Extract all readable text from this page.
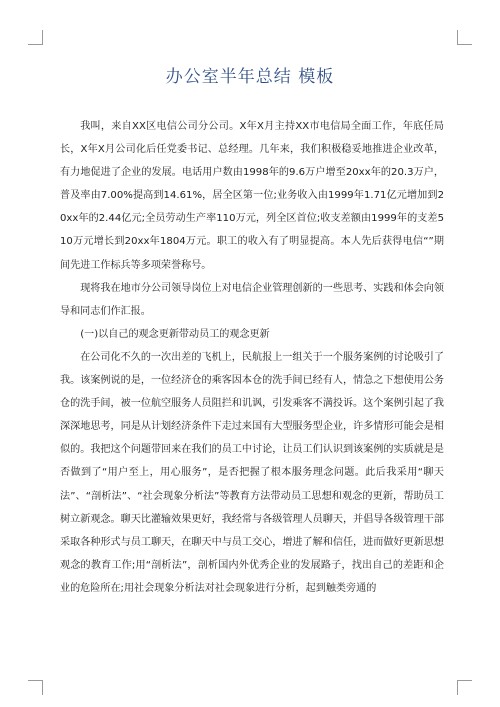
办公室半年总结 模板

我叫，来自XX区电信公司分公司。X年X月主持XX市电信局全面工作，年底任局长，X年X月公司化后任党委书记、总经理。几年来，我们积极稳妥地推进企业改革，有力地促进了企业的发展。电话用户数由1998年的9.6万户增至20xx年的20.3万户，普及率由7.00%提高到14.61%，居全区第一位;业务收入由1999年1.71亿元增加到20xx年的2.44亿元;全员劳动生产率110万元，列全区首位;收支差额由1999年的支差510万元增长到20xx年1804万元。职工的收入有了明显提高。本人先后获得电信“”期间先进工作标兵等多项荣誉称号。

现将我在地市分公司领导岗位上对电信企业管理创新的一些思考、实践和体会向领导和同志们作汇报。

(一)以自己的观念更新带动员工的观念更新

在公司化不久的一次出差的飞机上，民航报上一组关于一个服务案例的讨论吸引了我。该案例说的是，一位经济仓的乘客因本仓的洗手间已经有人，情急之下想使用公务仓的洗手间，被一位航空服务人员阻拦和讥讽，引发乘客不满投诉。这个案例引起了我深深地思考，同是从计划经济条件下走过来国有大型服务型企业，许多情形可能会是相似的。我把这个问题带回来在我们的员工中讨论，让员工们认识到该案例的实质就是是否做到了“用户至上，用心服务”，是否把握了根本服务理念问题。此后我采用“聊天法”、“剖析法”、“社会现象分析法”等教育方法带动员工思想和观念的更新，帮助员工树立新观念。聊天比灌输效果更好，我经常与各级管理人员聊天，并倡导各级管理干部采取各种形式与员工聊天，在聊天中与员工交心，增进了解和信任，进而做好更新思想观念的教育工作;用“剖析法”，剖析国内外优秀企业的发展路子，找出自己的差距和企业的危险所在;用社会现象分析法对社会现象进行分析，起到触类旁通的
